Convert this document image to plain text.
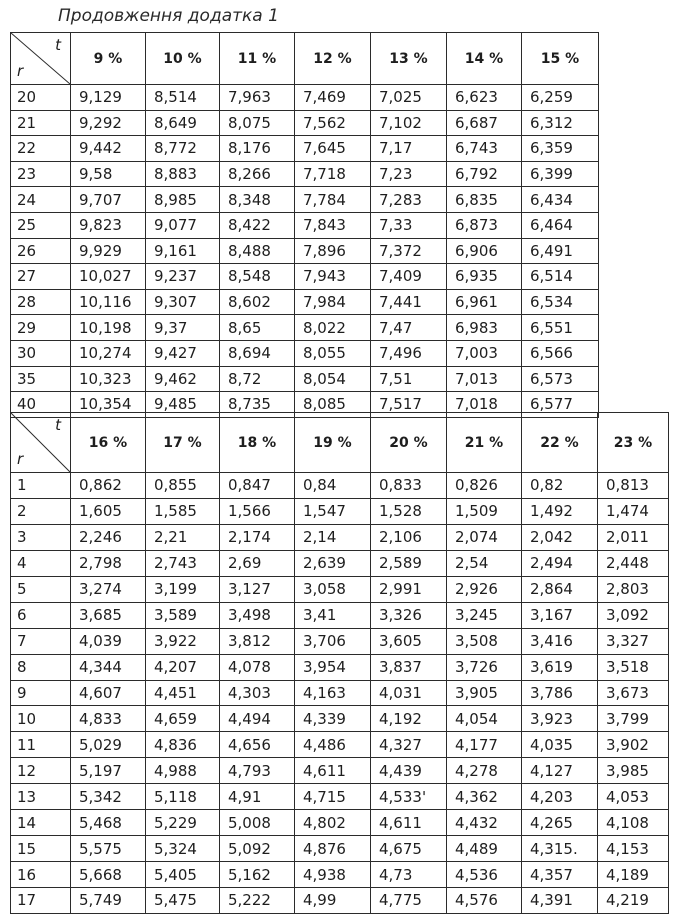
Продовження додатка 1
t
r	9 %	10 %	11 %	12 %	13 %	14 %	15 %
20	9,129	8,514	7,963	7,469	7,025	6,623	6,259
21	9,292	8,649	8,075	7,562	7,102	6,687	6,312
22	9,442	8,772	8,176	7,645	7,17	6,743	6,359
23	9,58	8,883	8,266	7,718	7,23	6,792	6,399
24	9,707	8,985	8,348	7,784	7,283	6,835	6,434
25	9,823	9,077	8,422	7,843	7,33	6,873	6,464
26	9,929	9,161	8,488	7,896	7,372	6,906	6,491
27	10,027	9,237	8,548	7,943	7,409	6,935	6,514
28	10,116	9,307	8,602	7,984	7,441	6,961	6,534
29	10,198	9,37	8,65	8,022	7,47	6,983	6,551
30	10,274	9,427	8,694	8,055	7,496	7,003	6,566
35	10,323	9,462	8,72	8,054	7,51	7,013	6,573
40	10,354	9,485	8,735	8,085	7,517	7,018	6,577
t
r	16 %	17 %	18 %	19 %	20 %	21 %	22 %	23 %
1	0,862	0,855	0,847	0,84	0,833	0,826	0,82	0,813
2	1,605	1,585	1,566	1,547	1,528	1,509	1,492	1,474
3	2,246	2,21	2,174	2,14	2,106	2,074	2,042	2,011
4	2,798	2,743	2,69	2,639	2,589	2,54	2,494	2,448
5	3,274	3,199	3,127	3,058	2,991	2,926	2,864	2,803
6	3,685	3,589	3,498	3,41	3,326	3,245	3,167	3,092
7	4,039	3,922	3,812	3,706	3,605	3,508	3,416	3,327
8	4,344	4,207	4,078	3,954	3,837	3,726	3,619	3,518
9	4,607	4,451	4,303	4,163	4,031	3,905	3,786	3,673
10	4,833	4,659	4,494	4,339	4,192	4,054	3,923	3,799
11	5,029	4,836	4,656	4,486	4,327	4,177	4,035	3,902
12	5,197	4,988	4,793	4,611	4,439	4,278	4,127	3,985
13	5,342	5,118	4,91	4,715	4,533'	4,362	4,203	4,053
14	5,468	5,229	5,008	4,802	4,611	4,432	4,265	4,108
15	5,575	5,324	5,092	4,876	4,675	4,489	4,315.	4,153
16	5,668	5,405	5,162	4,938	4,73	4,536	4,357	4,189
17	5,749	5,475	5,222	4,99	4,775	4,576	4,391	4,219
